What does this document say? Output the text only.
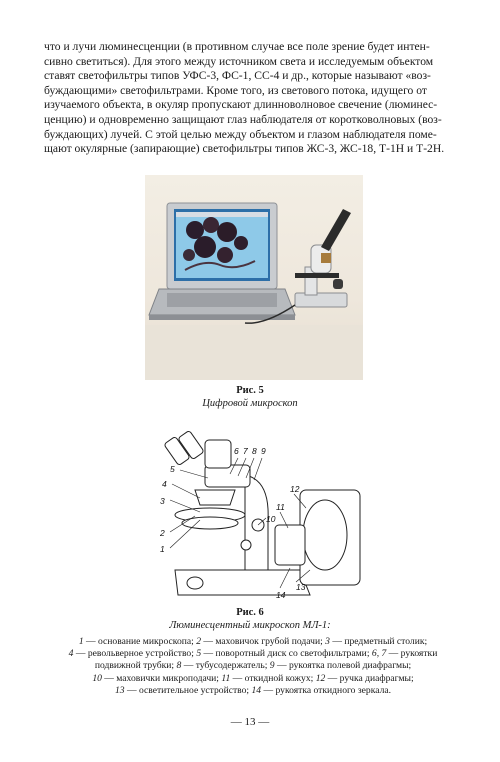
что и лучи люминесценции (в противном случае все поле зрение будет интен-
сивно светиться). Для этого между источником света и исследуемым объектом
ставят светофильтры типов УФС-3, ФС-1, СС-4 и др., которые называют «воз-
буждающими» светофильтрами. Кроме того, из светового потока, идущего от
изучаемого объекта, в окуляр пропускают длинноволновое свечение (люминес-
ценцию) и одновременно защищают глаз наблюдателя от коротковолновых (воз-
буждающих) лучей. С этой целью между объектом и глазом наблюдателя поме-
щают окулярные (запирающие) светофильтры типов ЖС-3, ЖС-18, Т-1Н и Т-2Н.
Рис. 5
Цифровой микроскоп
1
2
3
4
5
6 7 8 9
10
11
12
13
14
Рис. 6
Люминесцентный микроскоп МЛ-1:
1 — основание микроскопа; 2 — маховичок грубой подачи; 3 — предметный столик;
4 — револьверное устройство; 5 — поворотный диск со светофильтрами; 6, 7 — рукоятки
подвижной трубки; 8 — тубусодержатель; 9 — рукоятка полевой диафрагмы;
10 — маховички микроподачи; 11 — откидной кожух; 12 — ручка диафрагмы;
13 — осветительное устройство; 14 — рукоятка откидного зеркала.
— 13 —
